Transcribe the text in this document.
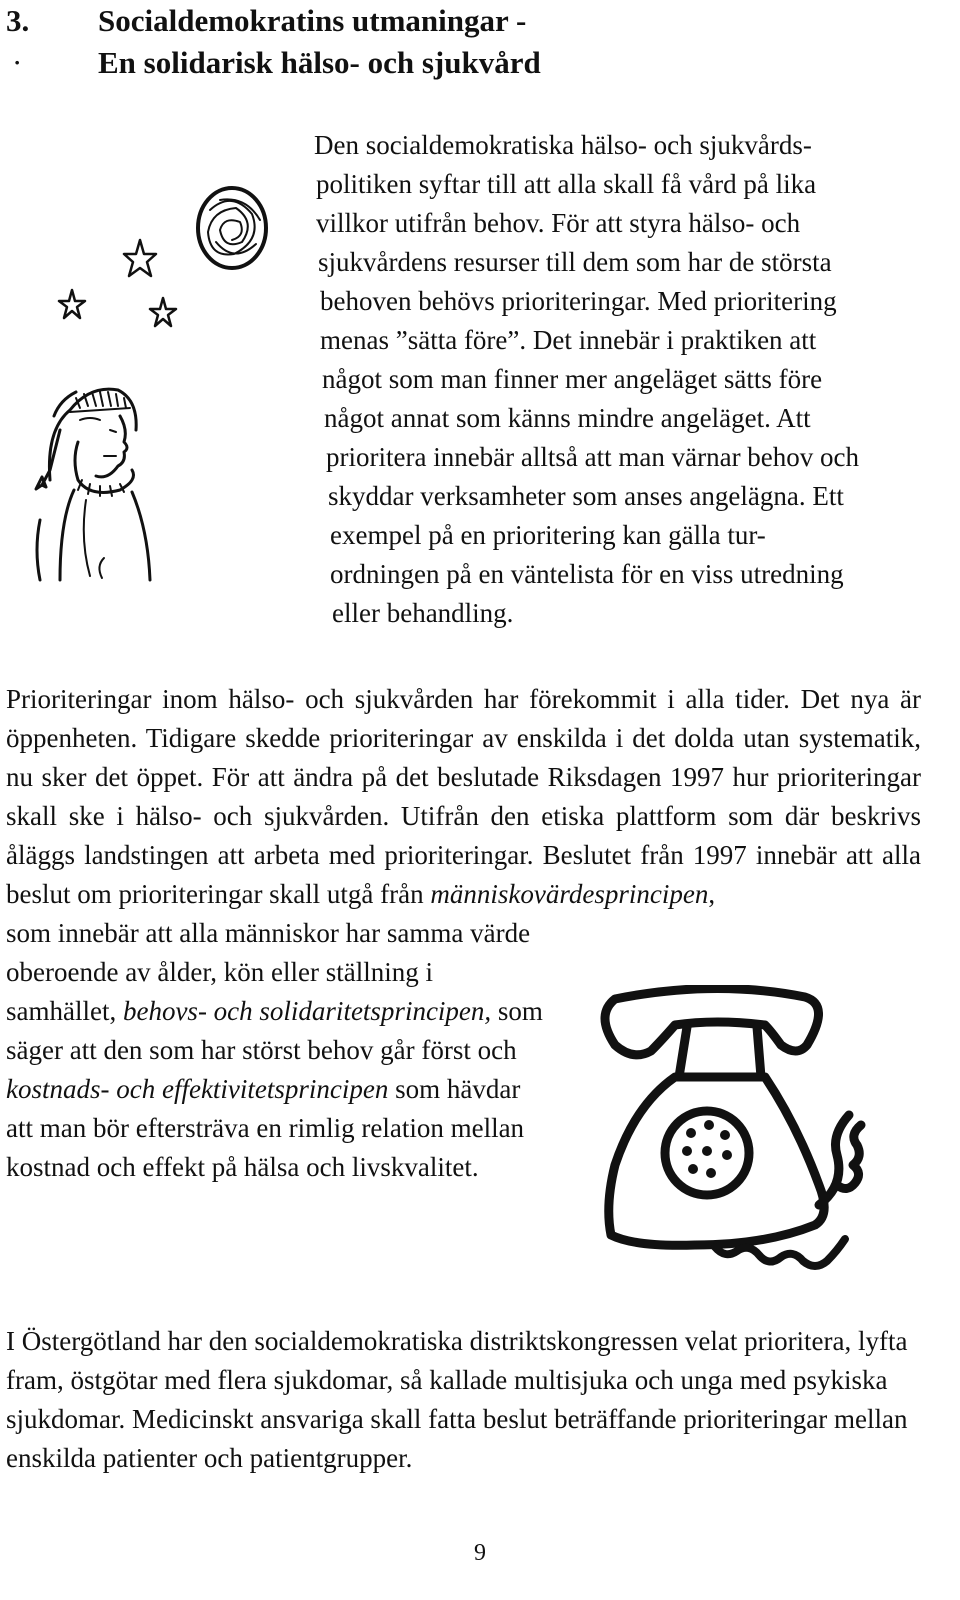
3.
·
Socialdemokratins utmaningar -
En solidarisk hälso- och sjukvård
Den socialdemokratiska hälso- och sjukvårds-
politiken syftar till att alla skall få vård på lika
villkor utifrån behov. För att styra hälso- och
sjukvårdens resurser till dem som har de största
behoven behövs prioriteringar. Med prioritering
menas ”sätta före”. Det innebär i praktiken att
något som man finner mer angeläget sätts före
något annat som känns mindre angeläget. Att
prioritera innebär alltså att man värnar behov och
skyddar verksamheter som anses angelägna. Ett
exempel på en prioritering kan gälla tur-
ordningen på en väntelista för en viss utredning
eller behandling.
Prioriteringar inom hälso- och sjukvården har förekommit i alla tider. Det nya är öppenheten. Tidigare skedde prioriteringar av enskilda i det dolda utan systematik, nu sker det öppet. För att ändra på det beslutade Riksdagen 1997 hur prioriteringar skall ske i hälso- och sjukvården. Utifrån den etiska plattform som där beskrivs åläggs landstingen att arbeta med prioriteringar. Beslutet från 1997 innebär att alla beslut om prioriteringar skall utgå från människovärdesprincipen,
som innebär att alla människor har samma värde oberoende av ålder, kön eller ställning i samhället, behovs- och solidaritetsprincipen, som säger att den som har störst behov går först och kostnads- och effektivitetsprincipen som hävdar att man bör eftersträva en rimlig relation mellan kostnad och effekt på hälsa och livskvalitet.
I Östergötland har den socialdemokratiska distriktskongressen velat prioritera, lyfta fram, östgötar med flera sjukdomar, så kallade multisjuka och unga med psykiska sjukdomar. Medicinskt ansvariga skall fatta beslut beträffande prioriteringar mellan enskilda patienter och patientgrupper.
9
